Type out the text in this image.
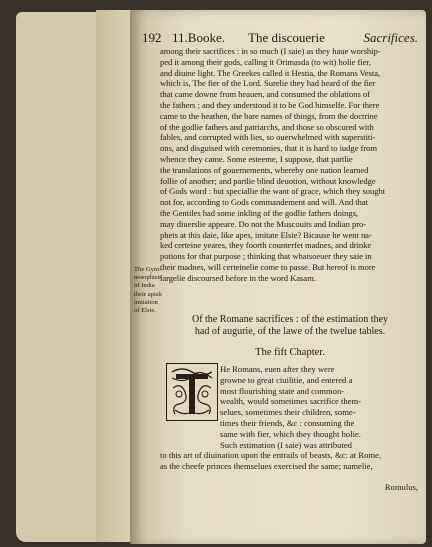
192 11.Booke. The discouerie	Sacrifices.
among their sacrifices : in so much (I saie) as they haue worship-
ped it among their gods, calling it Orimasda (to wit) holie fier,
and diuine light. The Greekes called it Hestia, the Romans Vesta,
which is, The fier of the Lord. Surelie they had heard of the fier
that came downe from heauen, and consumed the oblations of
the fathers ; and they understood it to be God himselfe. For there
came to the heathen, the bare names of things, from the doctrine
of the godlie fathers and patriarchs, and those so obscured with
fables, and corrupted with lies, so ouerwhelmed with superstiti-
ons, and disguised with ceremonies, that it is hard to iudge from
whence they came. Some esteeme, I suppose, that partlie
the translations of gouernements, whereby one nation learned
follie of another; and partlie blind deuotion, without knowledge
of Gods word : but speciallie the want of grace, which they sought
not for, according to Gods commandement and will. And that
the Gentiles had some inkling of the godlie fathers doings,
may diuerslie appeare. Do not the Muscouits and Indian pro-
phets at this daie, like apes, imitate Elsie? Bicause he went na-
ked certeine yeares, they foorth counterfet madnes, and drinke
potions for that purpose ; thinking that whatsoeuer they saie in
their madnes, will certeinelie come to passe. But hereof is more
largelie discoursed before in the word Kasam.
The Gym-
nosophists
of India
their apish
imitation
of Elsie.
Of the Romane sacrifices : of the estimation they
had of augurie, of the lawe of the twelue tables.
The fift Chapter.
He Romans, euen after they were
growne to great ciuilitie, and entered a
most flourishing state and common-
wealth, would sometimes sacrifice them-
selues, sometimes their children, some-
times their friends, &c : consuming the
same with fier, which they thought holie.
Such estimation (I saie) was attributed
to this art of diuination upon the entrails of beasts, &c: at Rome,
as the cheefe princes themselues exercised the same; namelie,
Romulus,
